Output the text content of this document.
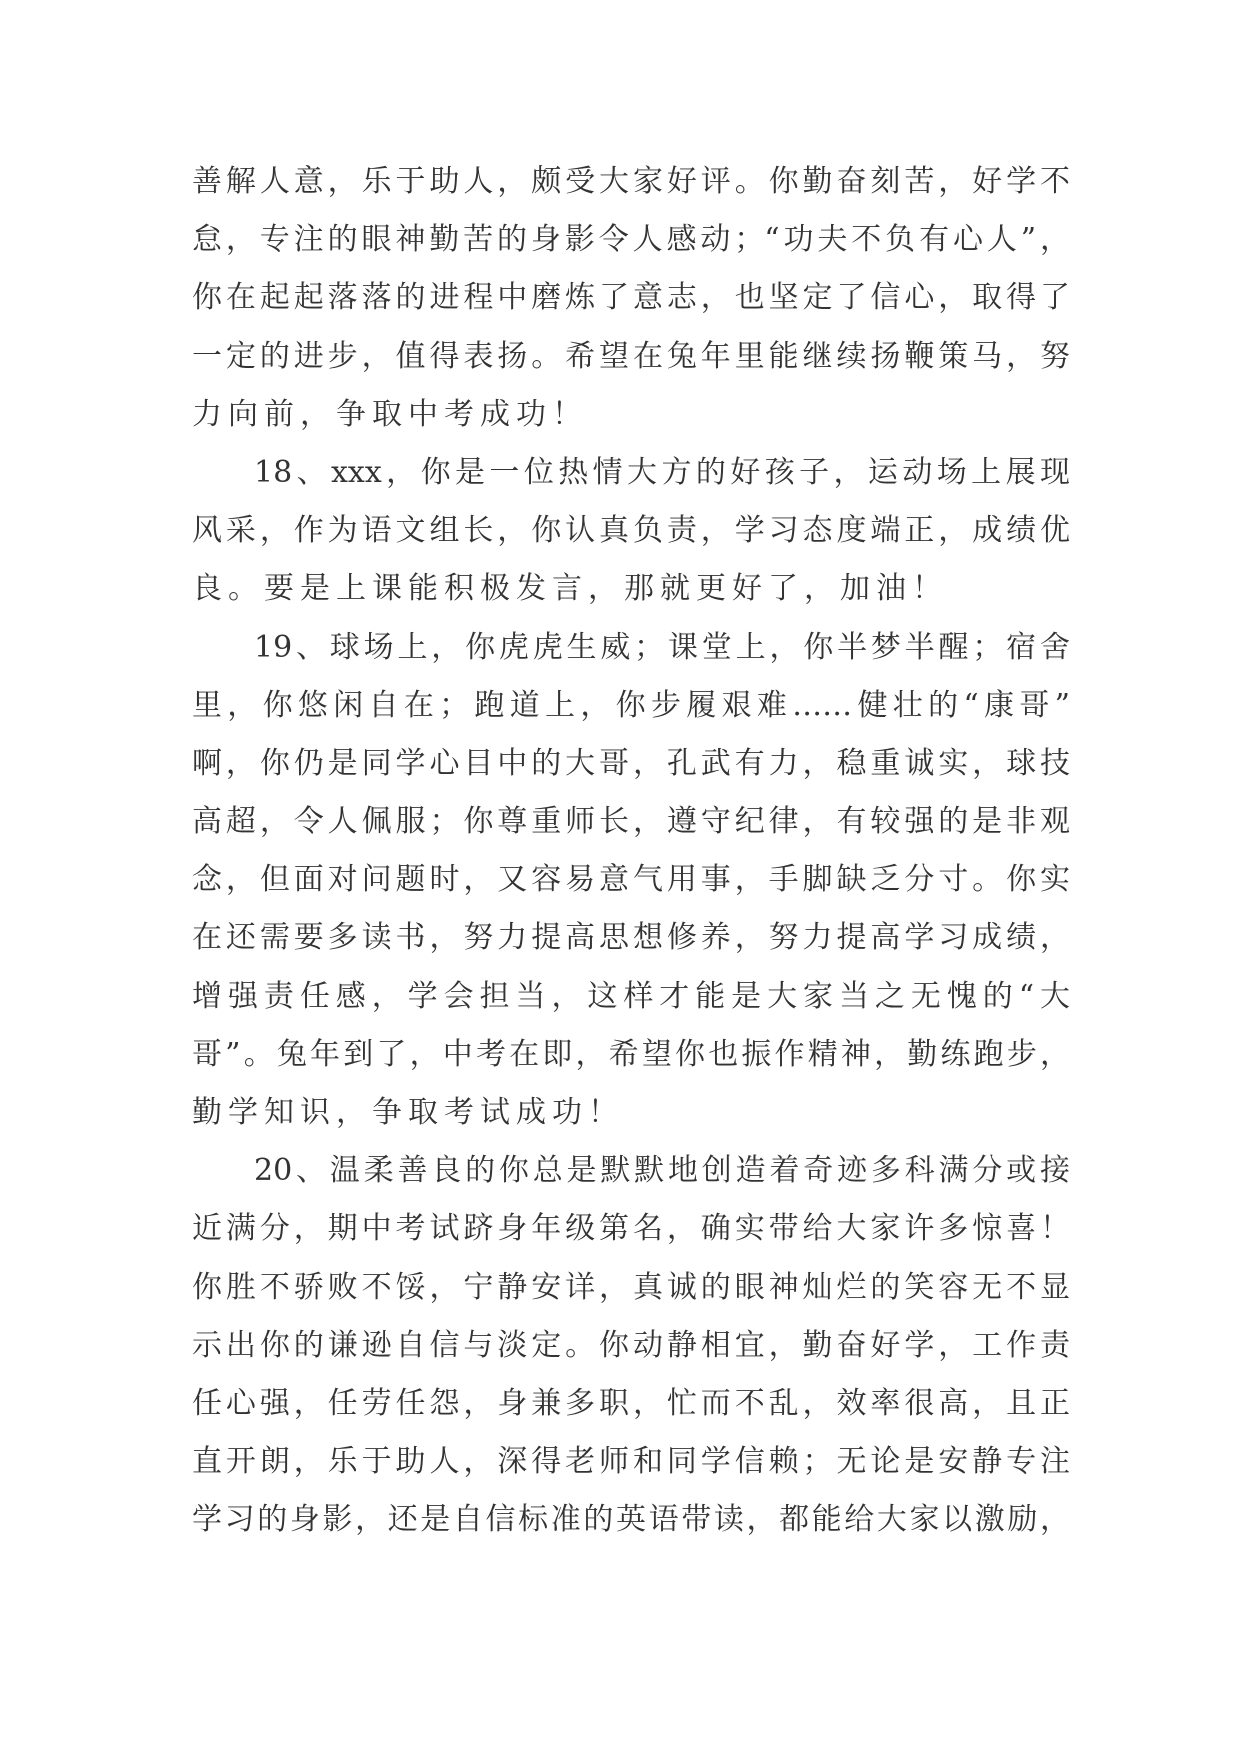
善解人意，乐于助人，颇受大家好评。你勤奋刻苦，好学不
怠，专注的眼神勤苦的身影令人感动；“功夫不负有心人”，
你在起起落落的进程中磨炼了意志，也坚定了信心，取得了
一定的进步，值得表扬。希望在兔年里能继续扬鞭策马，努
力向前，争取中考成功！
18、xxx，你是一位热情大方的好孩子，运动场上展现
风采，作为语文组长，你认真负责，学习态度端正，成绩优
良。要是上课能积极发言，那就更好了，加油！
19、球场上，你虎虎生威；课堂上，你半梦半醒；宿舍
里，你悠闲自在；跑道上，你步履艰难……健壮的“康哥”
啊，你仍是同学心目中的大哥，孔武有力，稳重诚实，球技
高超，令人佩服；你尊重师长，遵守纪律，有较强的是非观
念，但面对问题时，又容易意气用事，手脚缺乏分寸。你实
在还需要多读书，努力提高思想修养，努力提高学习成绩，
增强责任感，学会担当，这样才能是大家当之无愧的“大
哥”。兔年到了，中考在即，希望你也振作精神，勤练跑步，
勤学知识，争取考试成功！
20、温柔善良的你总是默默地创造着奇迹多科满分或接
近满分，期中考试跻身年级第名，确实带给大家许多惊喜！
你胜不骄败不馁，宁静安详，真诚的眼神灿烂的笑容无不显
示出你的谦逊自信与淡定。你动静相宜，勤奋好学，工作责
任心强，任劳任怨，身兼多职，忙而不乱，效率很高，且正
直开朗，乐于助人，深得老师和同学信赖；无论是安静专注
学习的身影，还是自信标准的英语带读，都能给大家以激励，
